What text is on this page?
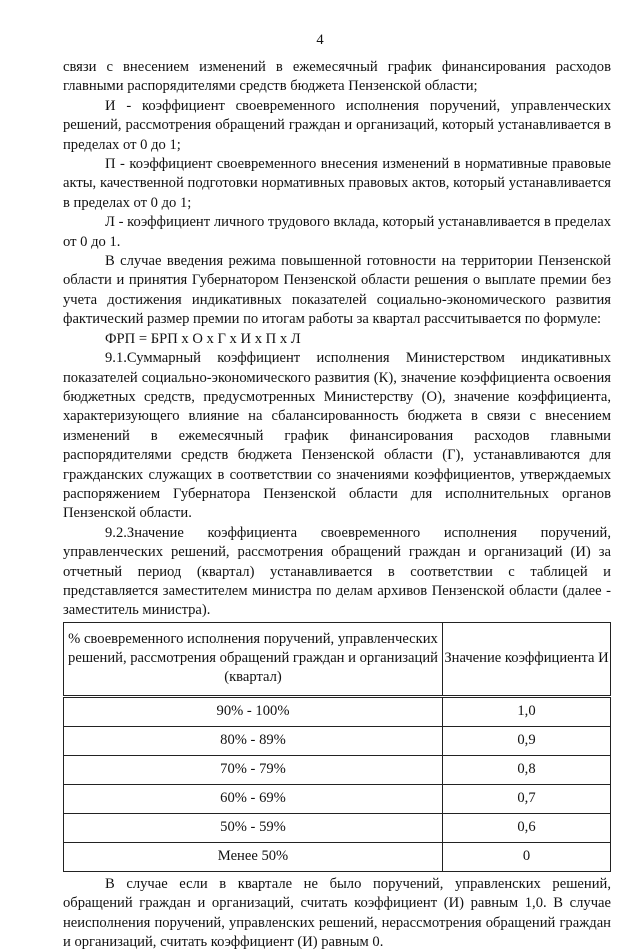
4

связи с внесением изменений в ежемесячный график финансирования расходов главными распорядителями средств бюджета Пензенской области;

И - коэффициент своевременного исполнения поручений, управленческих решений, рассмотрения обращений граждан и организаций, который устанавливается в пределах от 0 до 1;

П - коэффициент своевременного внесения изменений в нормативные правовые акты, качественной подготовки нормативных правовых актов, который устанавливается в пределах от 0 до 1;

Л - коэффициент личного трудового вклада, который устанавливается в пределах от 0 до 1.

В случае введения режима повышенной готовности на территории Пензенской области и принятия Губернатором Пензенской области решения о выплате премии без учета достижения индикативных показателей социально-экономического развития фактический размер премии по итогам работы за квартал рассчитывается по формуле:

ФРП = БРП х О х Г х И х П х Л

9.1.Суммарный коэффициент исполнения Министерством индикативных показателей социально-экономического развития (К), значение коэффициента освоения бюджетных средств, предусмотренных Министерству (О), значение коэффициента, характеризующего влияние на сбалансированность бюджета в связи с внесением изменений в ежемесячный график финансирования расходов главными распорядителями средств бюджета Пензенской области (Г), устанавливаются для гражданских служащих в соответствии со значениями коэффициентов, утверждаемых распоряжением Губернатора Пензенской области для исполнительных органов Пензенской области.

9.2.Значение коэффициента своевременного исполнения поручений, управленческих решений, рассмотрения обращений граждан и организаций (И) за отчетный период (квартал) устанавливается в соответствии с таблицей и представляется заместителем министра по делам архивов Пензенской области (далее - заместитель министра).

% своевременного исполнения поручений, управленческих решений, рассмотрения обращений граждан и организаций (квартал)	Значение коэффициента И
90% - 100%	1,0
80% - 89%	0,9
70% - 79%	0,8
60% - 69%	0,7
50% - 59%	0,6
Менее 50%	0

В случае если в квартале не было поручений, управленских решений, обращений граждан и организаций, считать коэффициент (И) равным 1,0. В случае неисполнения поручений, управленских решений, нерассмотрения обращений граждан и организаций, считать коэффициент (И) равным 0.
